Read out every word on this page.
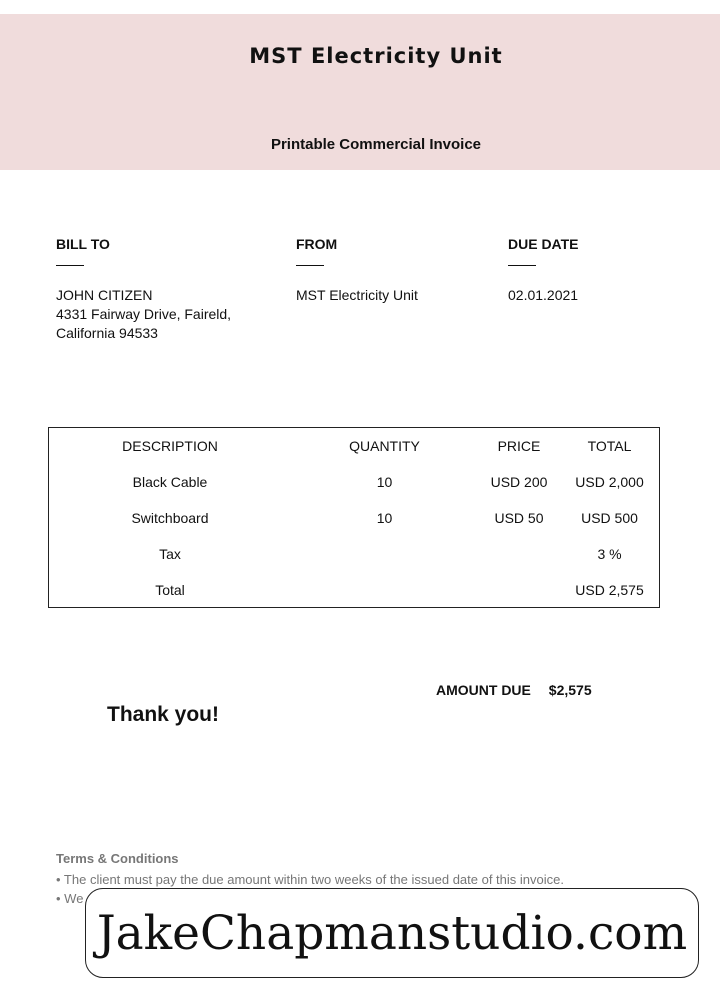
MST Electricity Unit
Printable Commercial Invoice
BILL TO
JOHN CITIZEN
4331 Fairway Drive, Faireld,
California 94533
FROM
MST Electricity Unit
DUE DATE
02.01.2021
DESCRIPTION	QUANTITY	PRICE	TOTAL
Black Cable	10	USD 200	USD 2,000
Switchboard	10	USD 50	USD 500
Tax			3 %
Total			USD 2,575
AMOUNT DUE $2,575
Thank you!
Terms & Conditions
• The client must pay the due amount within two weeks of the issued date of this invoice.
• We
JakeChapmanstudio.com
